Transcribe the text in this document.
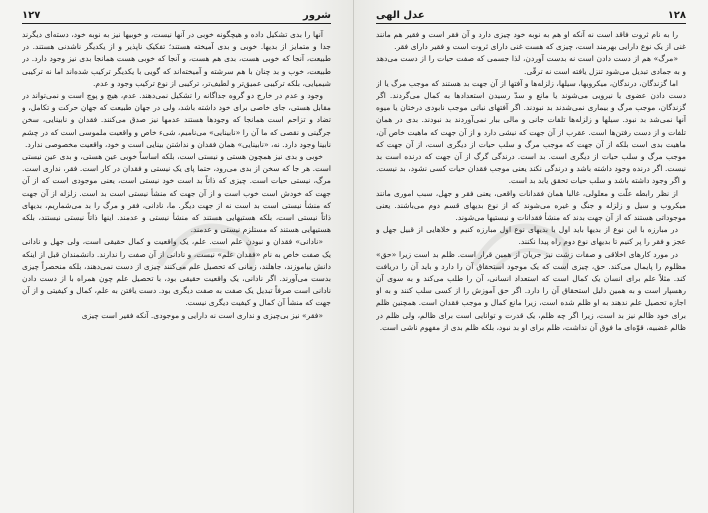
۱۲۷	شرور

آنها را بدی تشکیل داده و هیچگونه خوبی در آنها نیست، و خوبیها نیز به نوبه خود، دسته‌ای دیگرند جدا و متمایز از بدیها. خوبی و بدی آمیخته هستند؛ تفکیک ناپذیر و از یکدیگر ناشدنی هستند. در طبیعت، آنجا که خوبی هست، بدی هم هست، و آنجا که خوبی هست همانجا بدی نیز وجود دارد. در طبیعت، خوب و بد چنان با هم سرشته و آمیخته‌اند که گویی با یکدیگر ترکیب شده‌اند اما نه ترکیبی شیمیایی، بلکه ترکیبی عمیق‌تر و لطیف‌تر، ترکیبی از نوع ترکیب وجود و عدم.

وجود و عدم در خارج دو گروه جداگانه را تشکیل نمی‌دهند. عدم، هیچ و پوچ است و نمی‌تواند در مقابل هستی، جای خاصی برای خود داشته باشد، ولی در جهان طبیعت که جهان حرکت و تکامل، و تضاد و تزاحم است همانجا که وجودها هستند عدمها نیز صدق می‌کنند. فقدان و نابینایی، سخن جرگینی و نقصی که ما آن را «نابینایی» می‌نامیم، شیء خاص و واقعیت ملموسی است که در چشم نابینا وجود دارد. نه، «نابینایی» همان فقدان و نداشتن بینایی است و خود، واقعیت مخصوصی ندارد.

خوبی و بدی نیز همچون هستی و نیستی است، بلکه اساساً خوبی عین هستی، و بدی عین نیستی است. هر جا که سخن از بدی می‌رود، حتما پای یک نیستی و فقدان در کار است. فقر، نداری است. مرگ، نیستی حیات است. چیزی که ذاتاً بد است خود نیستی است، یعنی موجودی است که از آن جهت که خودش است خوب است و از آن جهت که منشأ نیستی است بد است. زلزله از آن جهت که منشأ نیستی است بد است نه از جهت دیگر. ما، نادانی، فقر و مرگ را بد می‌شماریم، بدیهای ذاتاً نیستی است، بلکه هستیهایی هستند که منشأ نیستی و عدمند. اینها ذاتاً نیستی نیستند، بلکه هستیهایی هستند که مستلزم نیستی و عدمند.

«نادانی» فقدان و نبودن علم است. علم، یک واقعیت و کمال حقیقی است، ولی جهل و نادانی یک صفت خاص به نام «فقدان علم» نیست، و نادانی از آن صفت را ندارند. دانشمندان قبل از اینکه دانش بیاموزند، جاهلند، زمانی که تحصیل علم می‌کنند چیزی از دست نمی‌دهند، بلکه منحصراً چیزی بدست می‌آورند. اگر نادانی، یک واقعیت حقیقی بود، با تحصیل علم چون همراه با از دست دادن نادانی است صرفاً تبدیل یک صفت به صفت دیگری بود. دست یافتن به علم، کمال و کیفیتی و از آن جهت که منشأ آن کمال و کیفیت دیگری نیست.

«فقر» نیز بی‌چیزی و نداری است نه دارایی و موجودی. آنکه فقیر است چیزی

عدل الهی	۱۲۸

را به نام ثروت فاقد است نه آنکه او هم به نوبه خود چیزی دارد و آن فقر است و فقیر هم مانند غنی از یک نوع دارایی بهرمند است، چیزی که هست غنی دارای ثروت است و فقیر دارای فقر.

«مرگ» هم از دست دادن است نه بدست آوردن، لذا جسمی که صفت حیات را از دست می‌دهد و به جمادی تبدیل می‌شود تنزل یافته است نه ترقّی.

اما گزندگان، درندگان، میکروبها، سیلها، زلزله‌ها و آفتها از آن جهت بد هستند که موجب مرگ یا از دست دادن عضوی یا نیرویی می‌شوند یا مانع و سدّ رسیدن استعدادها به کمال می‌گردند. اگر گزندگان، موجب مرگ و بیماری نمی‌شدند بد نبودند. اگر آفتهای نباتی موجب نابودی درختان یا میوه آنها نمی‌شد بد نبود. سیلها و زلزله‌ها تلفات جانی و مالی ببار نمی‌آوردند بد نبودند. بدی در همان تلفات و از دست رفتن‌ها است. عقرب از آن جهت که نیشی دارد و از آن جهت که ماهیت خاص آن، ماهیت بدی است بلکه از آن جهت که موجب مرگ و سلب حیات از دیگری است، از آن جهت که موجب مرگ و سلب حیات از دیگری است. بد است. درندگی گرگ از آن جهت که درنده است بد نیست. اگر درنده وجود داشته باشد و درندگی نکند یعنی موجب فقدان حیات کسی نشود، بد نیست. و اگر وجود داشته باشد و سلب حیات تحقق یابد بد است.

از نظر رابطه علّت و معلولی، غالبا همان فقدانات واقعی، یعنی فقر و جهل، سبب اموری مانند میکروب و سیل و زلزله و جنگ و غیره می‌شوند که از نوع بدیهای قسم دوم می‌باشند. یعنی موجوداتی هستند که از آن جهت بدند که منشأ فقدانات و نیستیها می‌شوند.

در مبارزه با این نوع از بدیها باید اول با بدیهای نوع اول مبارزه کنیم و خلاهایی از قبیل جهل و عجز و فقر را پر کنیم تا بدیهای نوع دوم راه پیدا نکنند.

در مورد کارهای اخلاقی و صفات زشت نیز جریان از همین قرار است. ظلم بد است زیرا «حق» مظلوم را پایمال می‌کند. حق، چیزی است که یک موجود استحقاق آن را دارد و باید آن را دریافت کند. مثلاً علم برای انسان یک کمال است که استعداد انسانی، آن را طلب می‌کند و به سوی آن رهسپار است و به همین دلیل استحقاق آن را دارد. اگر حق آموزش را از کسی سلب کنند و به او اجازه تحصیل علم ندهند به او ظلم شده است، زیرا مانع کمال و موجب فقدان است. همچنین ظلم برای خود ظالم نیز بد است، زیرا اگر چه ظلم، یک قدرت و توانایی است برای ظالم، ولی ظلم در ظالم غضبیه، قوّه‌ای ما فوق آن نداشت، ظلم برای او بد نبود، بلکه ظلم بدی از مفهوم ناشی است.
